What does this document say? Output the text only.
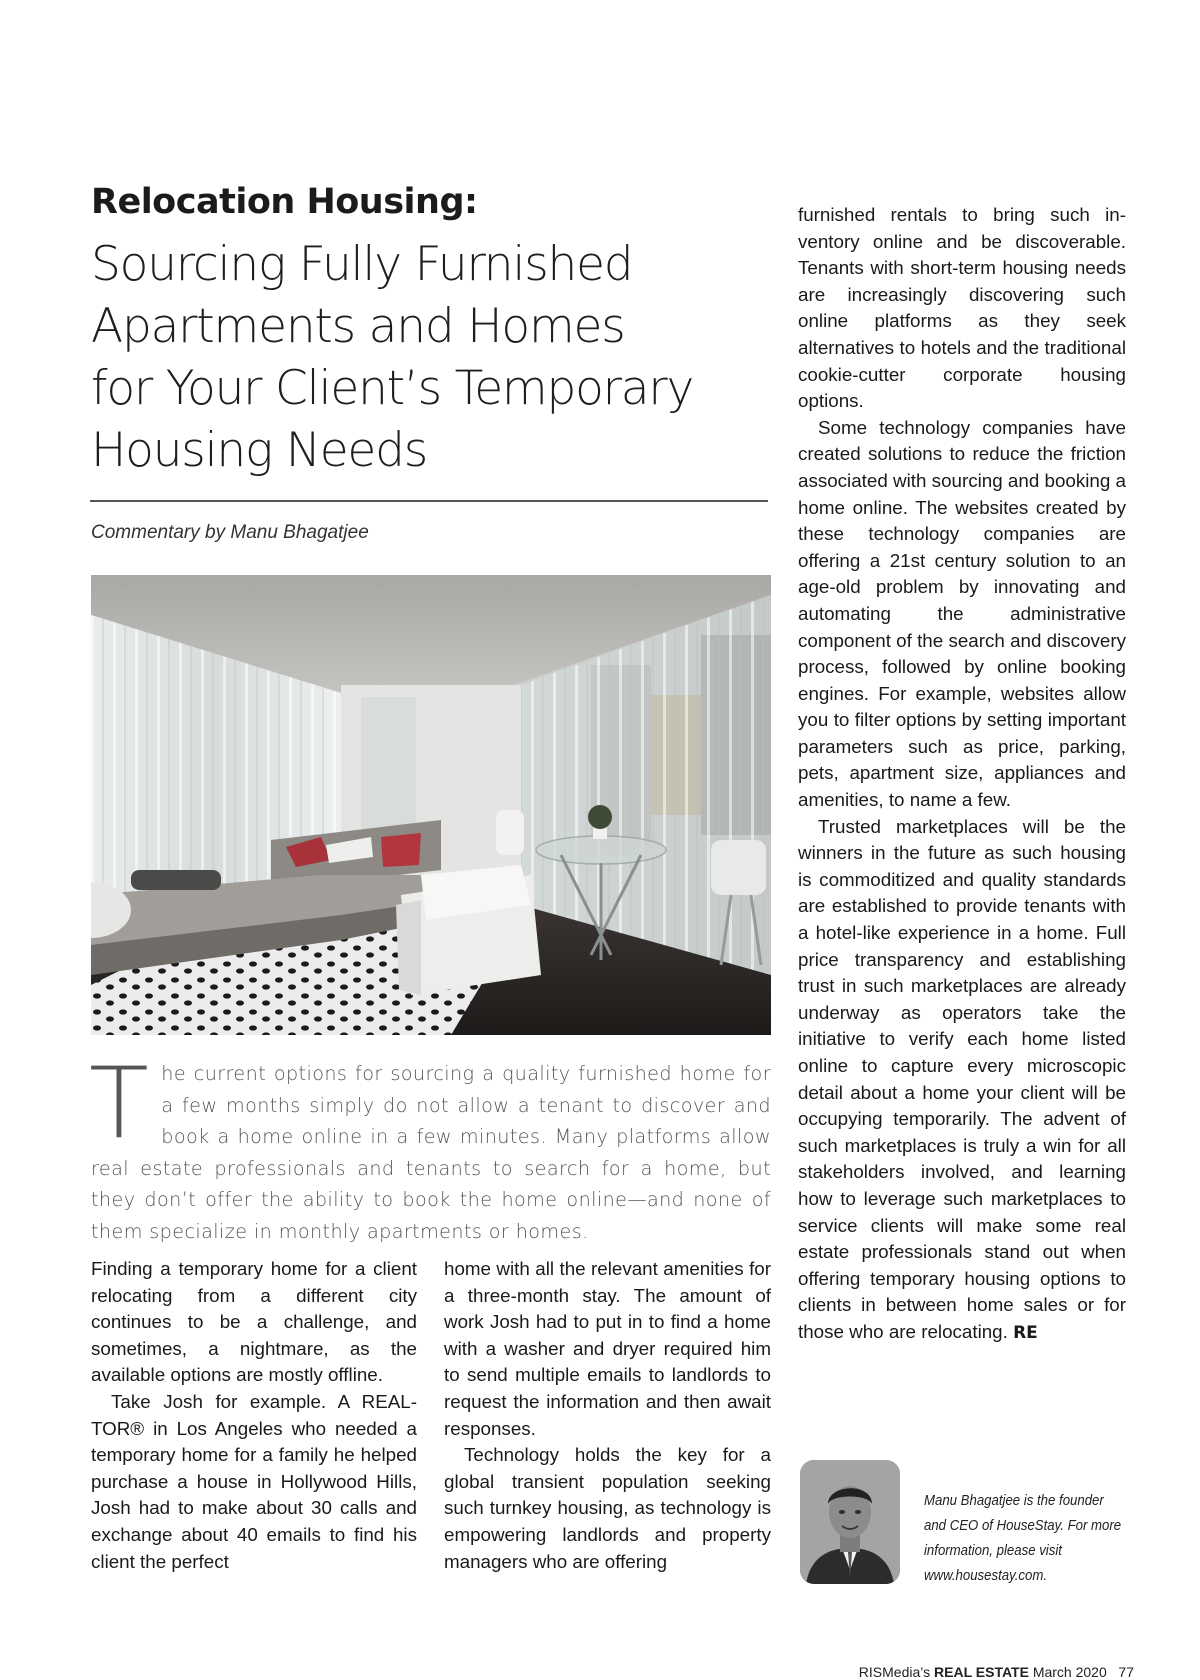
Relocation Housing:
Sourcing Fully Furnished
Apartments and Homes
for Your Client’s Temporary
Housing Needs
Commentary by Manu Bhagatjee
T he current options for sourcing a quality furnished home for a few months simply do not allow a tenant to discover and book a home online in a few minutes. Many platforms allow real estate professionals and tenants to search for a home, but they don’t offer the ability to book the home online—and none of them specialize in monthly apartments or homes.

Finding a temporary home for a client relocating from a different city continues to be a challenge, and sometimes, a nightmare, as the available options are mostly offline.

Take Josh for example. A REALTOR® in Los Angeles who needed a temporary home for a family he helped purchase a house in Hollywood Hills, Josh had to make about 30 calls and exchange about 40 emails to find his client the perfect

home with all the relevant amenities for a three-month stay. The amount of work Josh had to put in to find a home with a washer and dryer required him to send multiple emails to landlords to request the information and then await responses.

Technology holds the key for a global transient population seeking such turnkey housing, as technology is empowering landlords and property managers who are offering

furnished rentals to bring such inventory online and be discoverable. Tenants with short-term housing needs are increasingly discovering such online platforms as they seek alternatives to hotels and the traditional cookie-cutter corporate housing options.

Some technology companies have created solutions to reduce the friction associated with sourcing and booking a home online. The websites created by these technology companies are offering a 21st century solution to an age-old problem by innovating and automating the administrative component of the search and discovery process, followed by online booking engines. For example, websites allow you to filter options by setting important parameters such as price, parking, pets, apartment size, appliances and amenities, to name a few.

Trusted marketplaces will be the winners in the future as such housing is commoditized and quality standards are established to provide tenants with a hotel-like experience in a home. Full price transparency and establishing trust in such marketplaces are already underway as operators take the initiative to verify each home listed online to capture every microscopic detail about a home your client will be occupying temporarily. The advent of such marketplaces is truly a win for all stakeholders involved, and learning how to leverage such marketplaces to service clients will make some real estate professionals stand out when offering temporary housing options to clients in between home sales or for those who are relocating. RE

Manu Bhagatjee is the founder
and CEO of HouseStay. For more
information, please visit
www.housestay.com.
RISMedia’s REAL ESTATE March 2020 77
